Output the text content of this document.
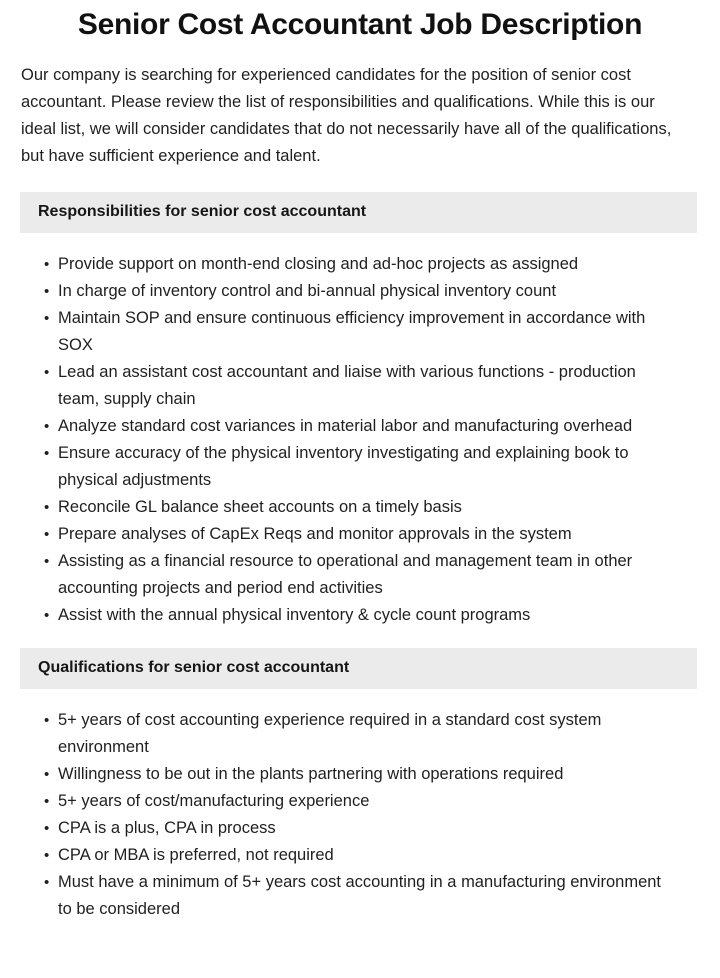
Senior Cost Accountant Job Description

Our company is searching for experienced candidates for the position of senior cost accountant. Please review the list of responsibilities and qualifications. While this is our ideal list, we will consider candidates that do not necessarily have all of the qualifications, but have sufficient experience and talent.

Responsibilities for senior cost accountant
• Provide support on month-end closing and ad-hoc projects as assigned
• In charge of inventory control and bi-annual physical inventory count
• Maintain SOP and ensure continuous efficiency improvement in accordance with SOX
• Lead an assistant cost accountant and liaise with various functions - production team, supply chain
• Analyze standard cost variances in material labor and manufacturing overhead
• Ensure accuracy of the physical inventory investigating and explaining book to physical adjustments
• Reconcile GL balance sheet accounts on a timely basis
• Prepare analyses of CapEx Reqs and monitor approvals in the system
• Assisting as a financial resource to operational and management team in other accounting projects and period end activities
• Assist with the annual physical inventory & cycle count programs
Qualifications for senior cost accountant
• 5+ years of cost accounting experience required in a standard cost system environment
• Willingness to be out in the plants partnering with operations required
• 5+ years of cost/manufacturing experience
• CPA is a plus, CPA in process
• CPA or MBA is preferred, not required
• Must have a minimum of 5+ years cost accounting in a manufacturing environment to be considered
